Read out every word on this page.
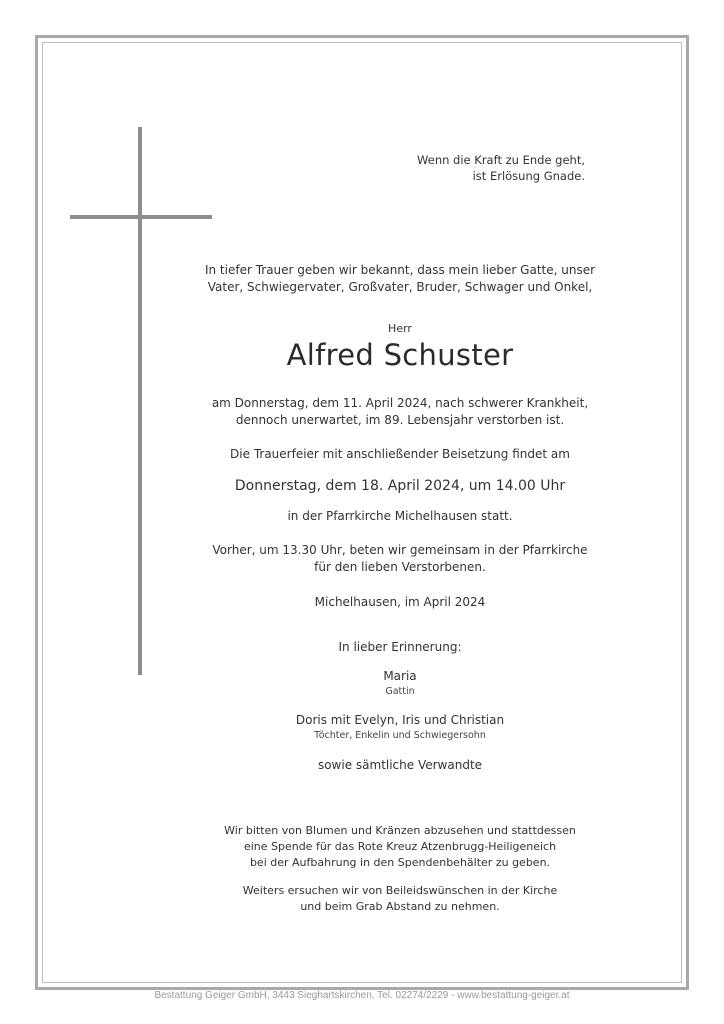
Wenn die Kraft zu Ende geht,
ist Erlösung Gnade.
In tiefer Trauer geben wir bekannt, dass mein lieber Gatte, unser
Vater, Schwiegervater, Großvater, Bruder, Schwager und Onkel,
Herr
Alfred Schuster
am Donnerstag, dem 11. April 2024, nach schwerer Krankheit,
dennoch unerwartet, im 89. Lebensjahr verstorben ist.
Die Trauerfeier mit anschließender Beisetzung findet am
Donnerstag, dem 18. April 2024, um 14.00 Uhr
in der Pfarrkirche Michelhausen statt.
Vorher, um 13.30 Uhr, beten wir gemeinsam in der Pfarrkirche
für den lieben Verstorbenen.
Michelhausen, im April 2024
In lieber Erinnerung:
Maria
Gattin
Doris mit Evelyn, Iris und Christian
Töchter, Enkelin und Schwiegersohn
sowie sämtliche Verwandte
Wir bitten von Blumen und Kränzen abzusehen und stattdessen
eine Spende für das Rote Kreuz Atzenbrugg-Heiligeneich
bei der Aufbahrung in den Spendenbehälter zu geben.
Weiters ersuchen wir von Beileidswünschen in der Kirche
und beim Grab Abstand zu nehmen.
Bestattung Geiger GmbH, 3443 Sieghartskirchen, Tel. 02274/2229 - www.bestattung-geiger.at
